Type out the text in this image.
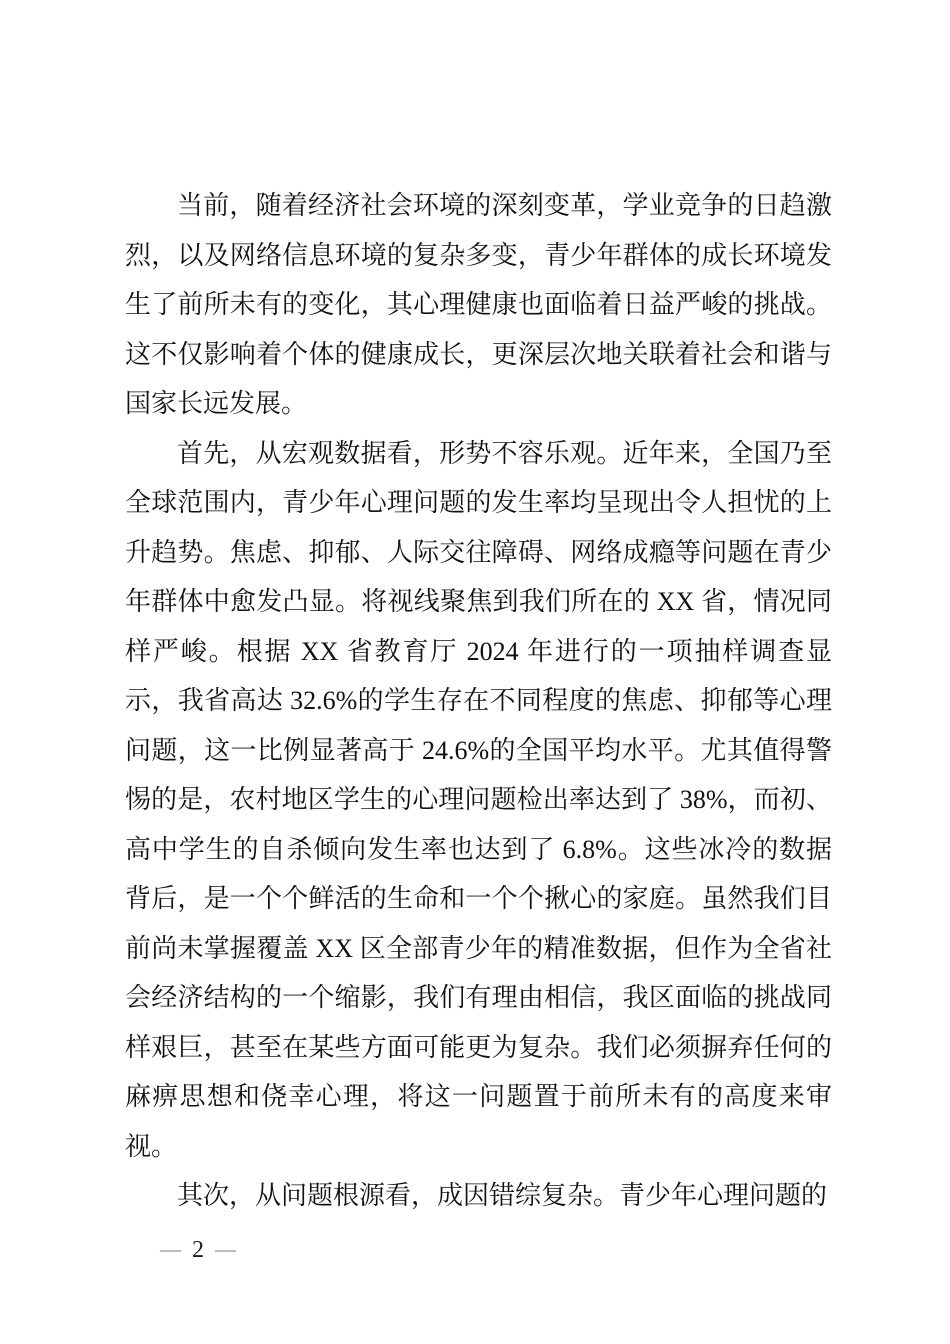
当前，随着经济社会环境的深刻变革，学业竞争的日趋激烈，以及网络信息环境的复杂多变，青少年群体的成长环境发生了前所未有的变化，其心理健康也面临着日益严峻的挑战。这不仅影响着个体的健康成长，更深层次地关联着社会和谐与国家长远发展。

首先，从宏观数据看，形势不容乐观。近年来，全国乃至全球范围内，青少年心理问题的发生率均呈现出令人担忧的上升趋势。焦虑、抑郁、人际交往障碍、网络成瘾等问题在青少年群体中愈发凸显。将视线聚焦到我们所在的 XX 省，情况同样严峻。根据 XX 省教育厅 2024 年进行的一项抽样调查显示，我省高达 32.6%的学生存在不同程度的焦虑、抑郁等心理问题，这一比例显著高于 24.6%的全国平均水平。尤其值得警惕的是，农村地区学生的心理问题检出率达到了 38%，而初、高中学生的自杀倾向发生率也达到了 6.8%。这些冰冷的数据背后，是一个个鲜活的生命和一个个揪心的家庭。虽然我们目前尚未掌握覆盖 XX 区全部青少年的精准数据，但作为全省社会经济结构的一个缩影，我们有理由相信，我区面临的挑战同样艰巨，甚至在某些方面可能更为复杂。我们必须摒弃任何的麻痹思想和侥幸心理，将这一问题置于前所未有的高度来审视。

其次，从问题根源看，成因错综复杂。青少年心理问题的

— 2 —
